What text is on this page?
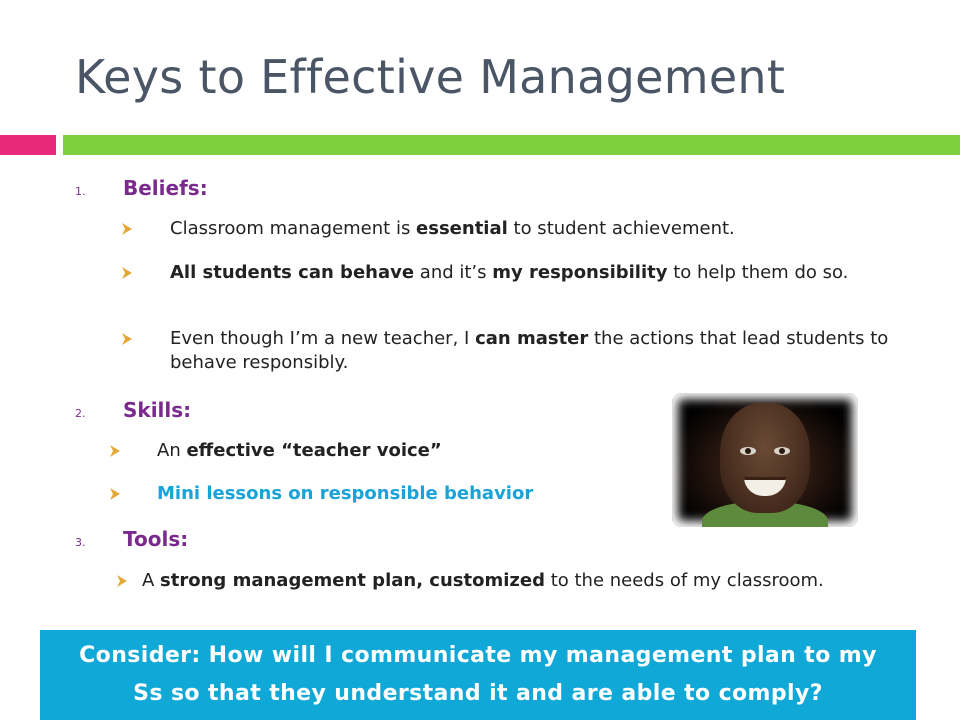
Keys to Effective Management

1.	Beliefs:

Classroom management is essential to student achievement.

All students can behave and it’s my responsibility to help them do so.

Even though I’m a new teacher, I can master the actions that lead students to behave responsibly.

2.	Skills:

An effective “teacher voice”

Mini lessons on responsible behavior

3.	Tools:

A strong management plan, customized to the needs of my classroom.

Consider: How will I communicate my management plan to my
Ss so that they understand it and are able to comply?
